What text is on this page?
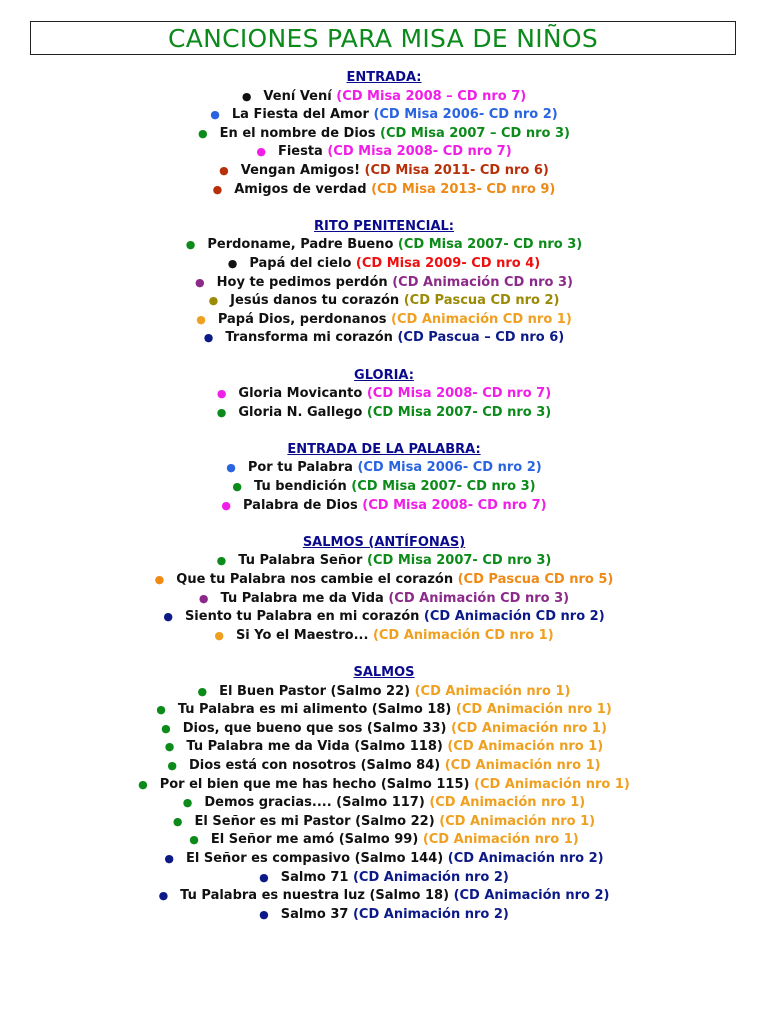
CANCIONES PARA MISA DE NIÑOS
ENTRADA:
● Vení Vení (CD Misa 2008 – CD nro 7)
● La Fiesta del Amor (CD Misa 2006- CD nro 2)
● En el nombre de Dios (CD Misa 2007 – CD nro 3)
● Fiesta (CD Misa 2008- CD nro 7)
● Vengan Amigos! (CD Misa 2011- CD nro 6)
● Amigos de verdad (CD Misa 2013- CD nro 9)
RITO PENITENCIAL:
● Perdoname, Padre Bueno (CD Misa 2007- CD nro 3)
● Papá del cielo (CD Misa 2009- CD nro 4)
● Hoy te pedimos perdón (CD Animación CD nro 3)
● Jesús danos tu corazón (CD Pascua CD nro 2)
● Papá Dios, perdonanos (CD Animación CD nro 1)
● Transforma mi corazón (CD Pascua – CD nro 6)
GLORIA:
● Gloria Movicanto (CD Misa 2008- CD nro 7)
● Gloria N. Gallego (CD Misa 2007- CD nro 3)
ENTRADA DE LA PALABRA:
● Por tu Palabra (CD Misa 2006- CD nro 2)
● Tu bendición (CD Misa 2007- CD nro 3)
● Palabra de Dios (CD Misa 2008- CD nro 7)
SALMOS (ANTÍFONAS)
● Tu Palabra Señor (CD Misa 2007- CD nro 3)
● Que tu Palabra nos cambie el corazón (CD Pascua CD nro 5)
● Tu Palabra me da Vida (CD Animación CD nro 3)
● Siento tu Palabra en mi corazón (CD Animación CD nro 2)
● Si Yo el Maestro... (CD Animación CD nro 1)
SALMOS
● El Buen Pastor (Salmo 22) (CD Animación nro 1)
● Tu Palabra es mi alimento (Salmo 18) (CD Animación nro 1)
● Dios, que bueno que sos (Salmo 33) (CD Animación nro 1)
● Tu Palabra me da Vida (Salmo 118) (CD Animación nro 1)
● Dios está con nosotros (Salmo 84) (CD Animación nro 1)
● Por el bien que me has hecho (Salmo 115) (CD Animación nro 1)
● Demos gracias.... (Salmo 117) (CD Animación nro 1)
● El Señor es mi Pastor (Salmo 22) (CD Animación nro 1)
● El Señor me amó (Salmo 99) (CD Animación nro 1)
● El Señor es compasivo (Salmo 144) (CD Animación nro 2)
● Salmo 71 (CD Animación nro 2)
● Tu Palabra es nuestra luz (Salmo 18) (CD Animación nro 2)
● Salmo 37 (CD Animación nro 2)
